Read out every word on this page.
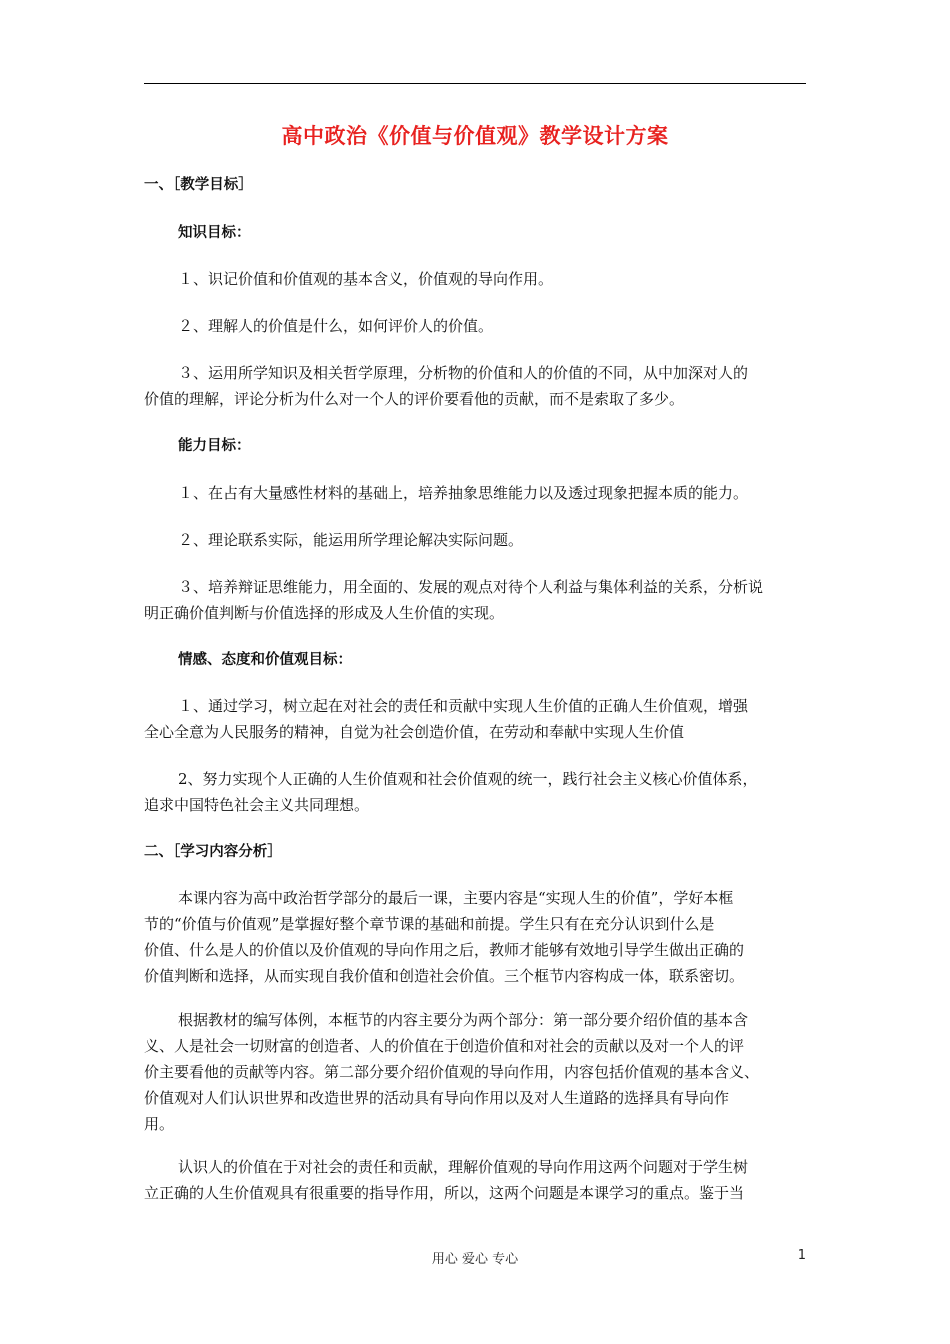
高中政治《价值与价值观》教学设计方案
一、［教学目标］
知识目标：
１、识记价值和价值观的基本含义，价值观的导向作用。
２、理解人的价值是什么，如何评价人的价值。
３、运用所学知识及相关哲学原理，分析物的价值和人的价值的不同，从中加深对人的
价值的理解，评论分析为什么对一个人的评价要看他的贡献，而不是索取了多少。
能力目标：
１、在占有大量感性材料的基础上，培养抽象思维能力以及透过现象把握本质的能力。
２、理论联系实际，能运用所学理论解决实际问题。
３、培养辩证思维能力，用全面的、发展的观点对待个人利益与集体利益的关系，分析说
明正确价值判断与价值选择的形成及人生价值的实现。
情感、态度和价值观目标：
１、通过学习，树立起在对社会的责任和贡献中实现人生价值的正确人生价值观，增强
全心全意为人民服务的精神，自觉为社会创造价值，在劳动和奉献中实现人生价值
2、努力实现个人正确的人生价值观和社会价值观的统一，践行社会主义核心价值体系，
追求中国特色社会主义共同理想。
二、［学习内容分析］
本课内容为高中政治哲学部分的最后一课，主要内容是“实现人生的价值”，学好本框
节的“价值与价值观”是掌握好整个章节课的基础和前提。学生只有在充分认识到什么是
价值、什么是人的价值以及价值观的导向作用之后，教师才能够有效地引导学生做出正确的
价值判断和选择，从而实现自我价值和创造社会价值。三个框节内容构成一体，联系密切。
根据教材的编写体例，本框节的内容主要分为两个部分：第一部分要介绍价值的基本含
义、人是社会一切财富的创造者、人的价值在于创造价值和对社会的贡献以及对一个人的评
价主要看他的贡献等内容。第二部分要介绍价值观的导向作用，内容包括价值观的基本含义、
价值观对人们认识世界和改造世界的活动具有导向作用以及对人生道路的选择具有导向作
用。
认识人的价值在于对社会的责任和贡献，理解价值观的导向作用这两个问题对于学生树
立正确的人生价值观具有很重要的指导作用，所以，这两个问题是本课学习的重点。鉴于当
用心 爱心 专心	1
